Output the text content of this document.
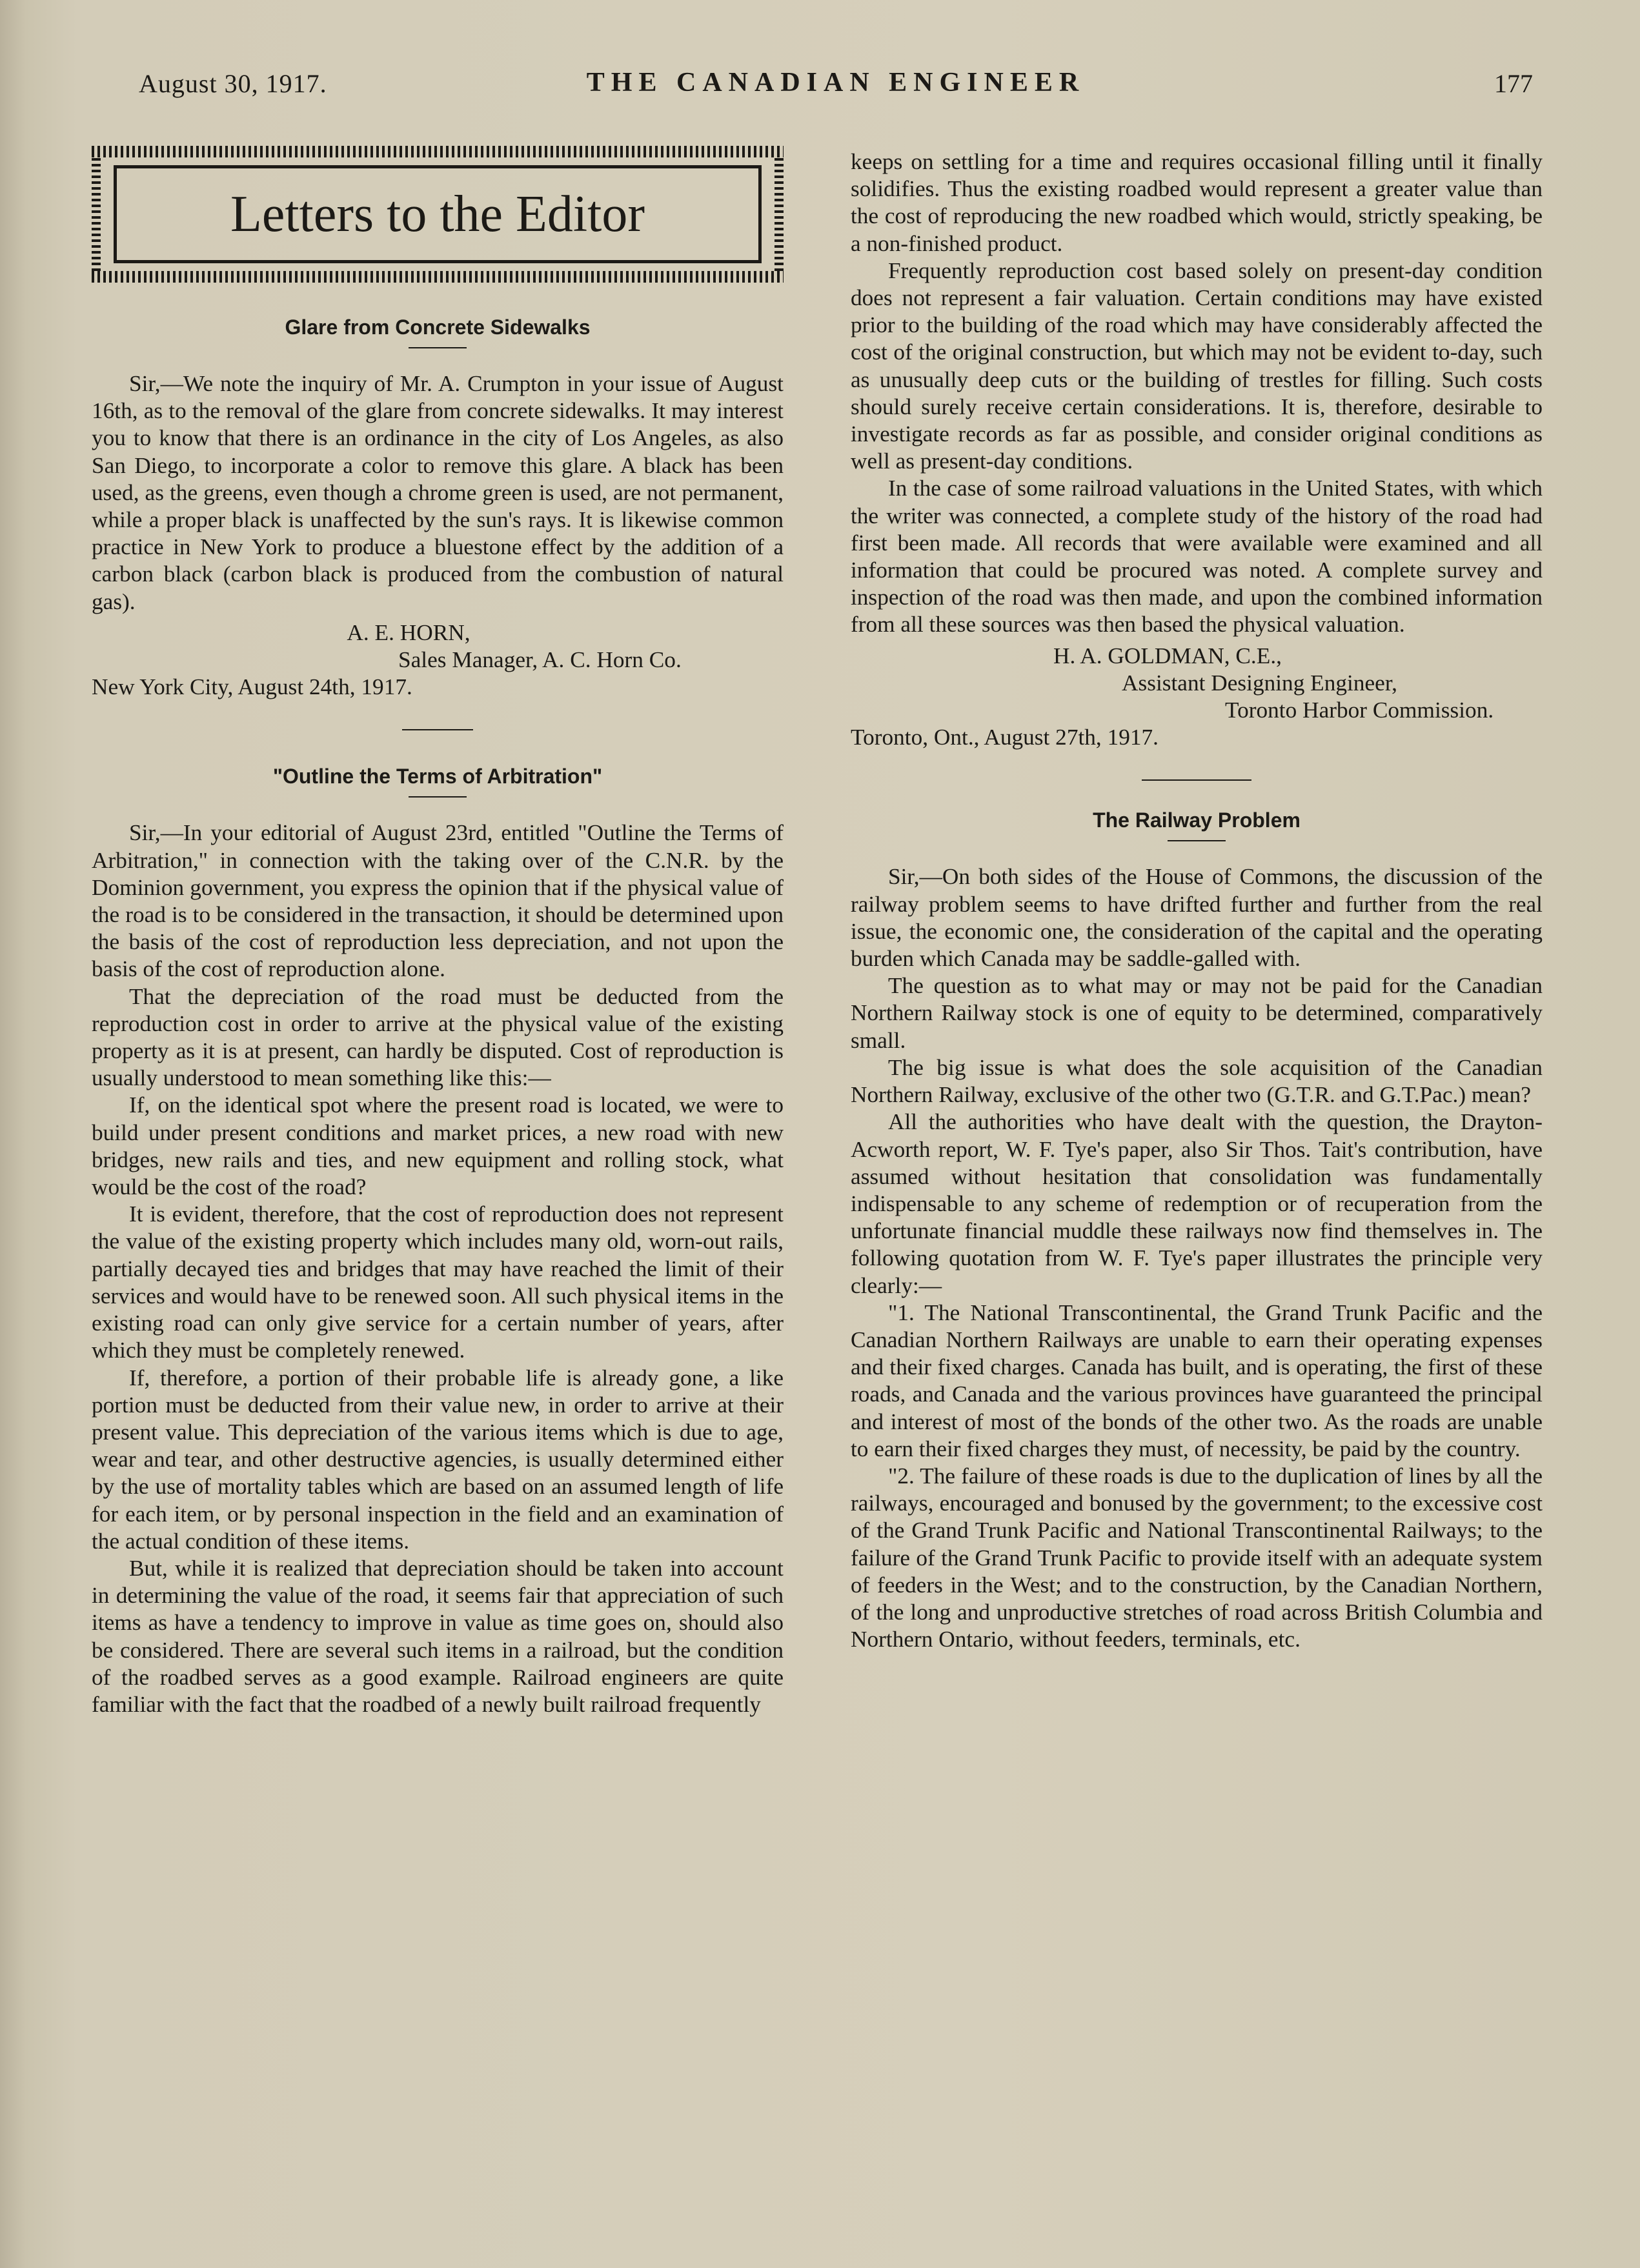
August 30, 1917.	THE CANADIAN ENGINEER	177
Letters to the Editor
Glare from Concrete Sidewalks

Sir,—We note the inquiry of Mr. A. Crumpton in your issue of August 16th, as to the removal of the glare from concrete sidewalks. It may interest you to know that there is an ordinance in the city of Los Angeles, as also San Diego, to incorporate a color to remove this glare. A black has been used, as the greens, even though a chrome green is used, are not permanent, while a proper black is unaffected by the sun's rays. It is likewise common practice in New York to produce a bluestone effect by the addition of a carbon black (carbon black is produced from the combustion of natural gas).

A. E. HORN,

Sales Manager, A. C. Horn Co.

New York City, August 24th, 1917.

"Outline the Terms of Arbitration"

Sir,—In your editorial of August 23rd, entitled "Outline the Terms of Arbitration," in connection with the taking over of the C.N.R. by the Dominion government, you express the opinion that if the physical value of the road is to be considered in the transaction, it should be determined upon the basis of the cost of reproduction less depreciation, and not upon the basis of the cost of reproduction alone.

That the depreciation of the road must be deducted from the reproduction cost in order to arrive at the physical value of the existing property as it is at present, can hardly be disputed. Cost of reproduction is usually understood to mean something like this:—

If, on the identical spot where the present road is located, we were to build under present conditions and market prices, a new road with new bridges, new rails and ties, and new equipment and rolling stock, what would be the cost of the road?

It is evident, therefore, that the cost of reproduction does not represent the value of the existing property which includes many old, worn-out rails, partially decayed ties and bridges that may have reached the limit of their services and would have to be renewed soon. All such physical items in the existing road can only give service for a certain number of years, after which they must be completely renewed.

If, therefore, a portion of their probable life is already gone, a like portion must be deducted from their value new, in order to arrive at their present value. This depreciation of the various items which is due to age, wear and tear, and other destructive agencies, is usually determined either by the use of mortality tables which are based on an assumed length of life for each item, or by personal inspection in the field and an examination of the actual condition of these items.

But, while it is realized that depreciation should be taken into account in determining the value of the road, it seems fair that appreciation of such items as have a tendency to improve in value as time goes on, should also be considered. There are several such items in a railroad, but the condition of the roadbed serves as a good example. Railroad engineers are quite familiar with the fact that the roadbed of a newly built railroad frequently

keeps on settling for a time and requires occasional filling until it finally solidifies. Thus the existing roadbed would represent a greater value than the cost of reproducing the new roadbed which would, strictly speaking, be a non-finished product.

Frequently reproduction cost based solely on present-day condition does not represent a fair valuation. Certain conditions may have existed prior to the building of the road which may have considerably affected the cost of the original construction, but which may not be evident to-day, such as unusually deep cuts or the building of trestles for filling. Such costs should surely receive certain considerations. It is, therefore, desirable to investigate records as far as possible, and consider original conditions as well as present-day conditions.

In the case of some railroad valuations in the United States, with which the writer was connected, a complete study of the history of the road had first been made. All records that were available were examined and all information that could be procured was noted. A complete survey and inspection of the road was then made, and upon the combined information from all these sources was then based the physical valuation.

H. A. GOLDMAN, C.E.,

Assistant Designing Engineer,

Toronto Harbor Commission.

Toronto, Ont., August 27th, 1917.

The Railway Problem

Sir,—On both sides of the House of Commons, the discussion of the railway problem seems to have drifted further and further from the real issue, the economic one, the consideration of the capital and the operating burden which Canada may be saddle-galled with.

The question as to what may or may not be paid for the Canadian Northern Railway stock is one of equity to be determined, comparatively small.

The big issue is what does the sole acquisition of the Canadian Northern Railway, exclusive of the other two (G.T.R. and G.T.Pac.) mean?

All the authorities who have dealt with the question, the Drayton-Acworth report, W. F. Tye's paper, also Sir Thos. Tait's contribution, have assumed without hesitation that consolidation was fundamentally indispensable to any scheme of redemption or of recuperation from the unfortunate financial muddle these railways now find themselves in. The following quotation from W. F. Tye's paper illustrates the principle very clearly:—

"1. The National Transcontinental, the Grand Trunk Pacific and the Canadian Northern Railways are unable to earn their operating expenses and their fixed charges. Canada has built, and is operating, the first of these roads, and Canada and the various provinces have guaranteed the principal and interest of most of the bonds of the other two. As the roads are unable to earn their fixed charges they must, of necessity, be paid by the country.

"2. The failure of these roads is due to the duplication of lines by all the railways, encouraged and bonused by the government; to the excessive cost of the Grand Trunk Pacific and National Transcontinental Railways; to the failure of the Grand Trunk Pacific to provide itself with an adequate system of feeders in the West; and to the construction, by the Canadian Northern, of the long and unproductive stretches of road across British Columbia and Northern Ontario, without feeders, terminals, etc.
